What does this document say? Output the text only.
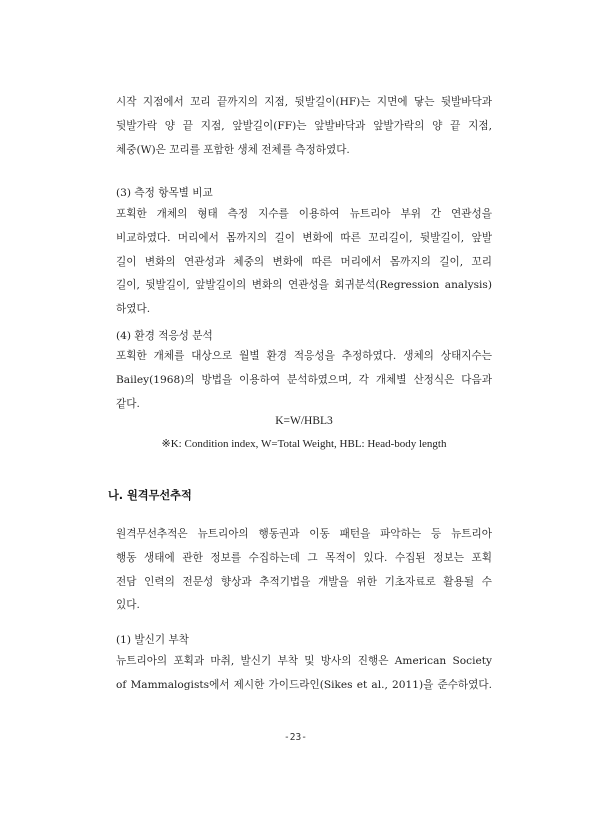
시작 지점에서 꼬리 끝까지의 지점, 뒷발길이(HF)는 지면에 닿는 뒷발바닥과
뒷발가락 양 끝 지점, 앞발길이(FF)는 앞발바닥과 앞발가락의 양 끝 지점,
체중(W)은 꼬리를 포함한 생체 전체를 측정하였다.

(3) 측정 항목별 비교

포획한 개체의 형태 측정 지수를 이용하여 뉴트리아 부위 간 연관성을
비교하였다. 머리에서 몸까지의 길이 변화에 따른 꼬리길이, 뒷발길이, 앞발
길이 변화의 연관성과 체중의 변화에 따른 머리에서 몸까지의 길이, 꼬리
길이, 뒷발길이, 앞발길이의 변화의 연관성을 회귀분석(Regression analysis)
하였다.

(4) 환경 적응성 분석

포획한 개체를 대상으로 월별 환경 적응성을 추정하였다. 생체의 상태지수는
Bailey(1968)의 방법을 이용하여 분석하였으며, 각 개체별 산정식은 다음과
같다.

K=W/HBL3

※K: Condition index, W=Total Weight, HBL: Head-body length

나. 원격무선추적

원격무선추적은 뉴트리아의 행동권과 이동 패턴을 파악하는 등 뉴트리아
행동 생태에 관한 정보를 수집하는데 그 목적이 있다. 수집된 정보는 포획
전담 인력의 전문성 향상과 추적기법을 개발을 위한 기초자료로 활용될 수
있다.

(1) 발신기 부착

뉴트리아의 포획과 마취, 발신기 부착 및 방사의 진행은 American Society
of Mammalogists에서 제시한 가이드라인(Sikes et al., 2011)을 준수하였다.

-23-
